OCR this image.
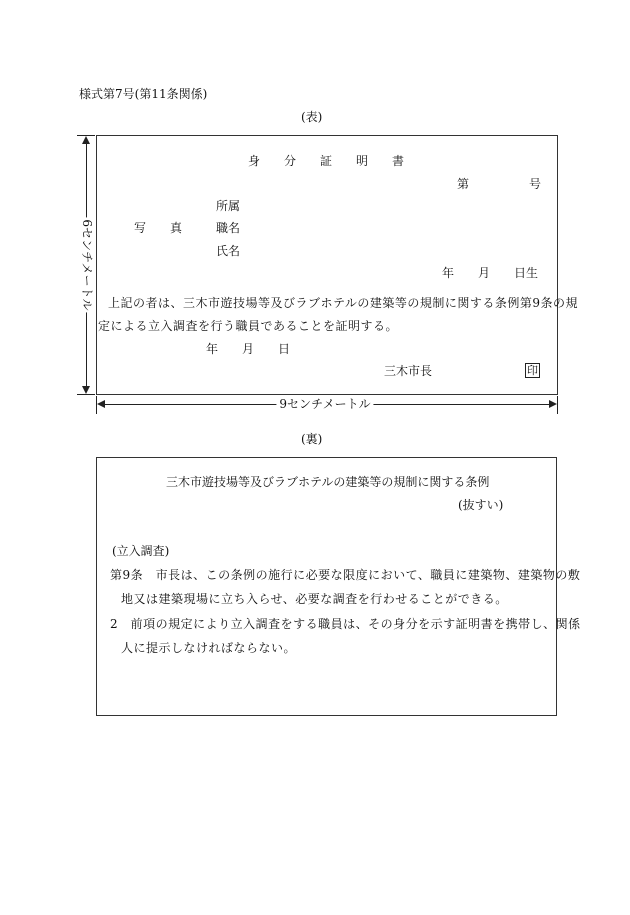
様式第7号(第11条関係)
(表)
身　　分　　証　　明　　書
第　　　　　号
所属
写　　真	職名
氏名
年　　月　　日生
上記の者は、三木市遊技場等及びラブホテルの建築等の規制に関する条例第9条の規
定による立入調査を行う職員であることを証明する。
年　　月　　日
三木市長	印
6センチメートル
9センチメートル
(裏)
三木市遊技場等及びラブホテルの建築等の規制に関する条例
(抜すい)
(立入調査)
第9条　市長は、この条例の施行に必要な限度において、職員に建築物、建築物の敷
地又は建築現場に立ち入らせ、必要な調査を行わせることができる。
2　前項の規定により立入調査をする職員は、その身分を示す証明書を携帯し、関係
人に提示しなければならない。
